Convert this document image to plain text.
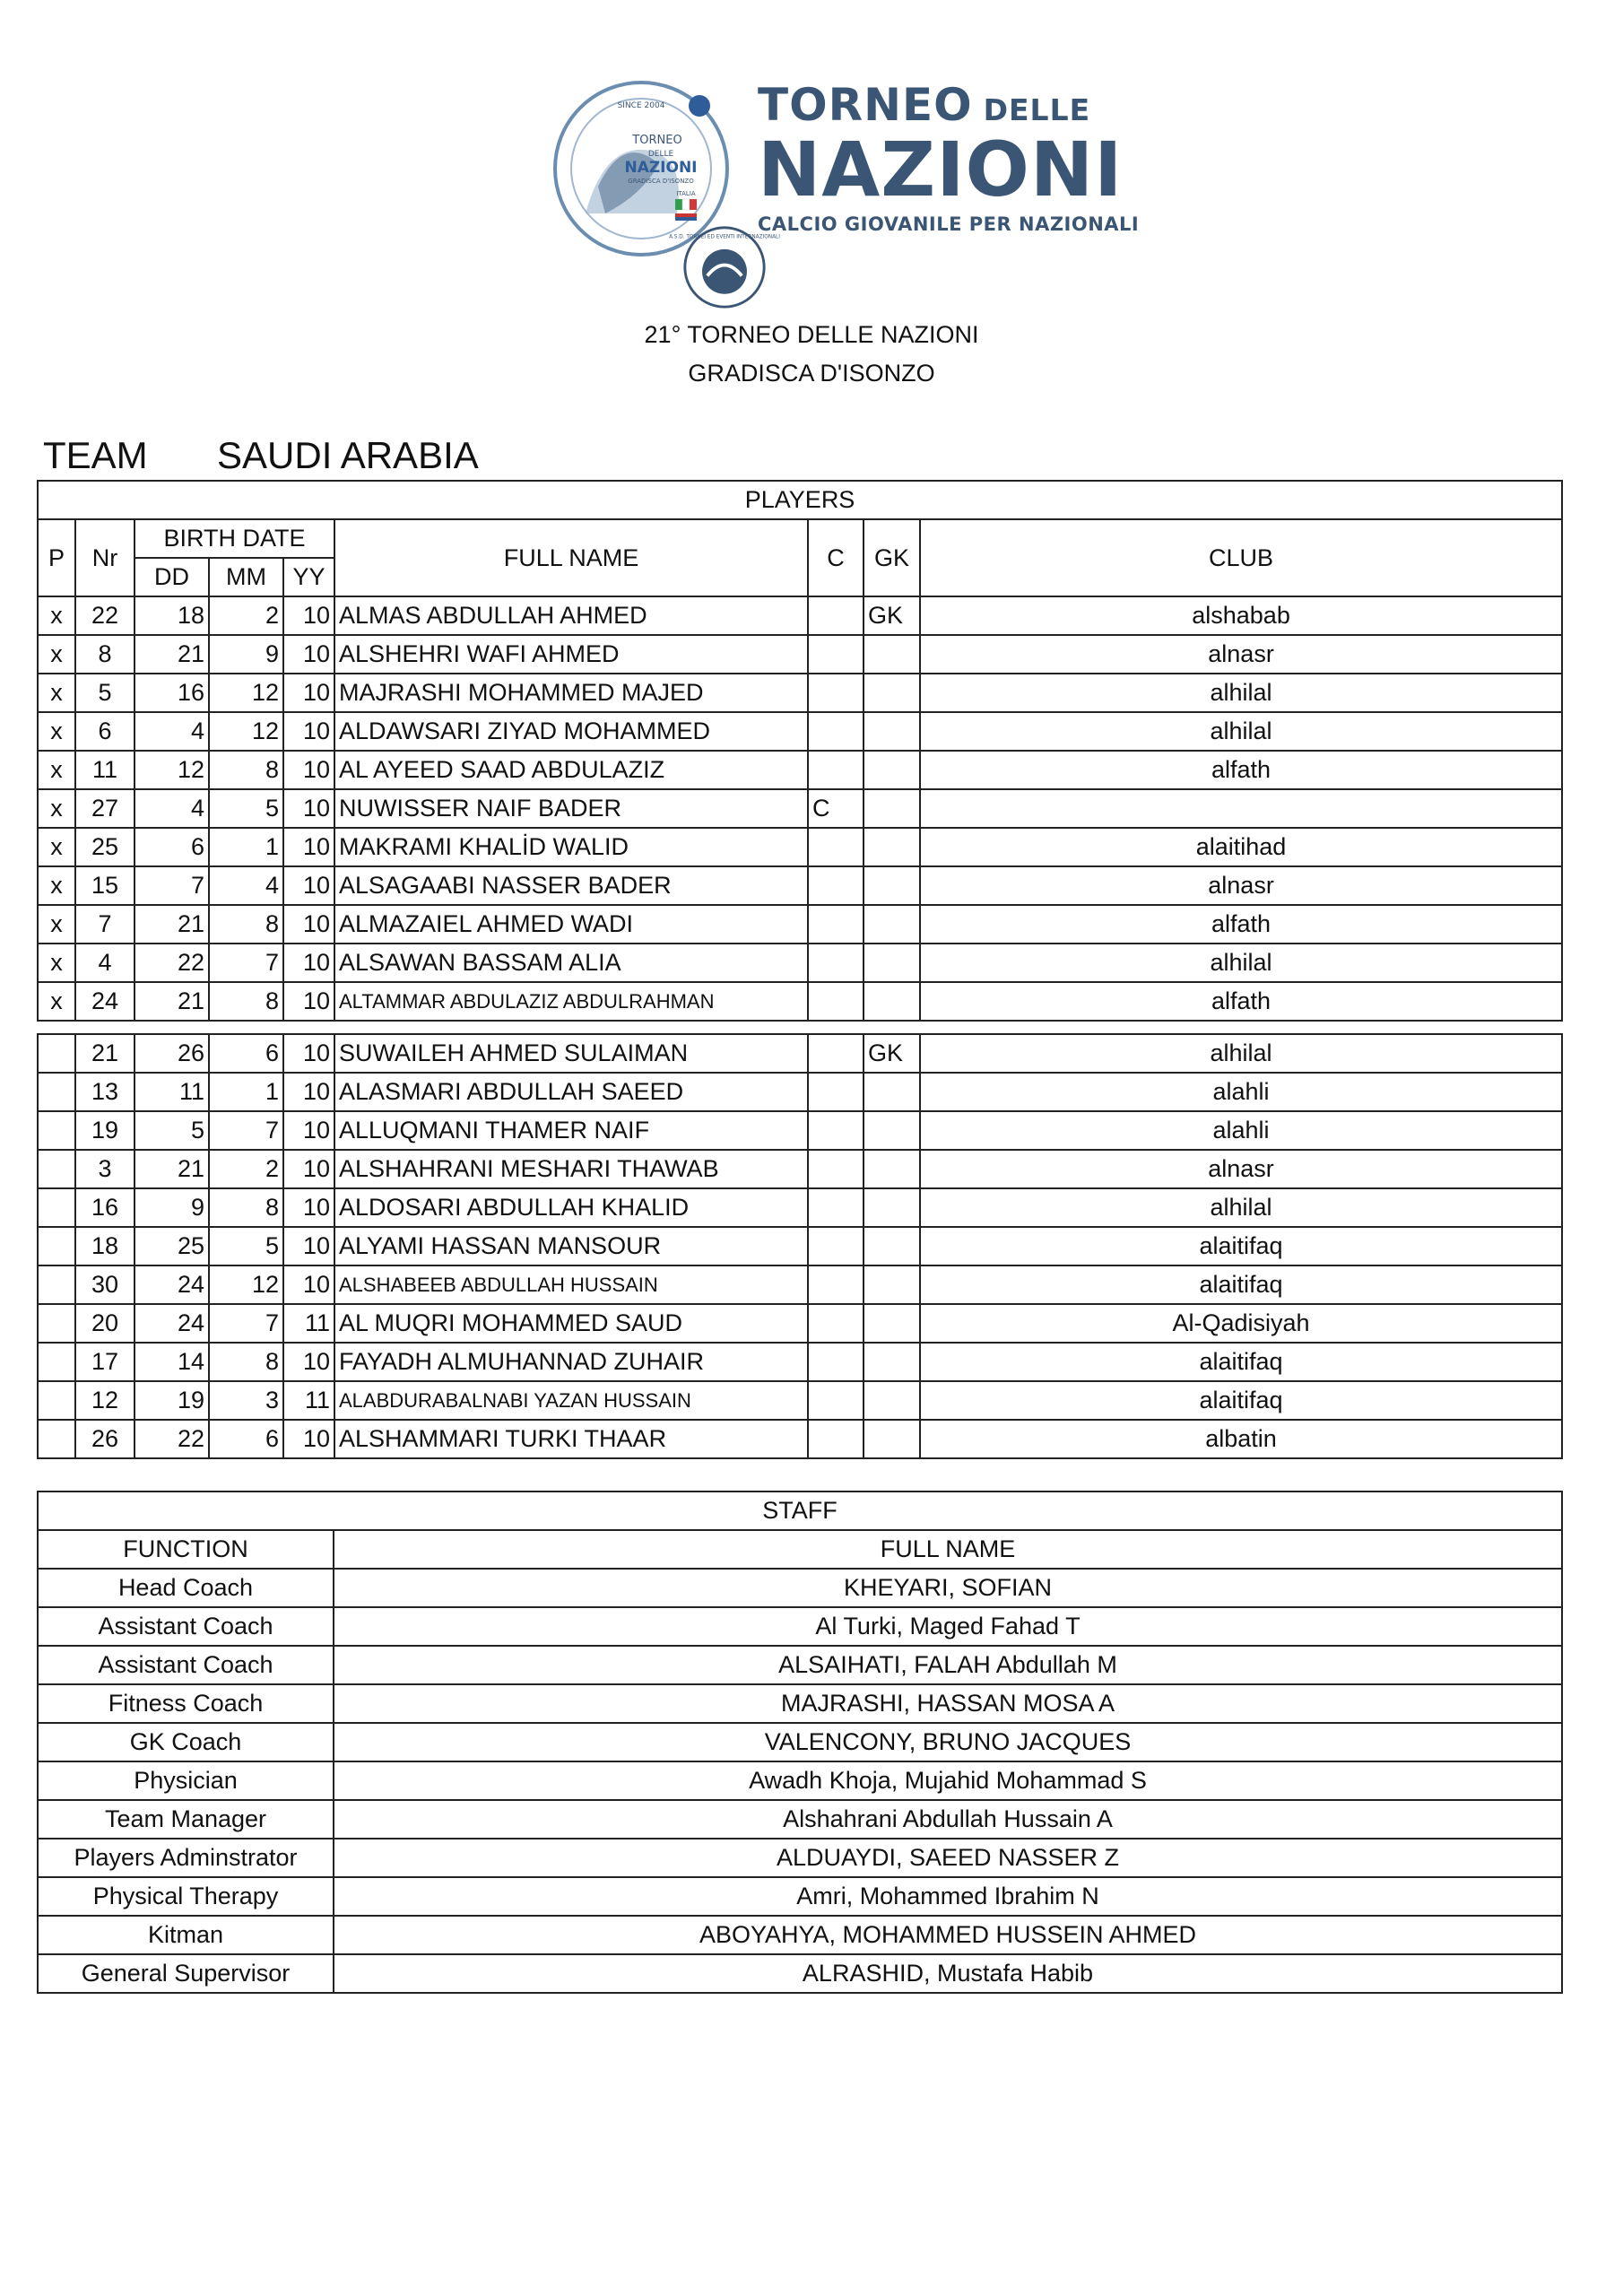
SINCE 2004
TORNEO
DELLE
NAZIONI
GRADISCA D'ISONZO
ITALIA
A.S.D. TORNEI ED EVENTI INTERNAZIONALI
TORNEO DELLE
NAZIONI
CALCIO GIOVANILE PER NAZIONALI
21° TORNEO DELLE NAZIONI
GRADISCA D'ISONZO
TEAM SAUDI ARABIA
PLAYERS								
P	Nr	BIRTH DATE			FULL NAME	C	GK	CLUB
		DD	MM	YY				
x	22	18	2	10	ALMAS ABDULLAH AHMED		GK	alshabab
x	8	21	9	10	ALSHEHRI WAFI AHMED			alnasr
x	5	16	12	10	MAJRASHI MOHAMMED MAJED			alhilal
x	6	4	12	10	ALDAWSARI ZIYAD MOHAMMED			alhilal
x	11	12	8	10	AL AYEED SAAD ABDULAZIZ			alfath
x	27	4	5	10	NUWISSER NAIF BADER	C		
x	25	6	1	10	MAKRAMI KHALİD WALID			alaitihad
x	15	7	4	10	ALSAGAABI NASSER BADER			alnasr
x	7	21	8	10	ALMAZAIEL AHMED WADI			alfath
x	4	22	7	10	ALSAWAN BASSAM ALIA			alhilal
x	24	21	8	10	ALTAMMAR ABDULAZIZ ABDULRAHMAN			alfath
	21	26	6	10	SUWAILEH AHMED SULAIMAN		GK	alhilal
	13	11	1	10	ALASMARI ABDULLAH SAEED			alahli
	19	5	7	10	ALLUQMANI THAMER NAIF			alahli
	3	21	2	10	ALSHAHRANI MESHARI THAWAB			alnasr
	16	9	8	10	ALDOSARI ABDULLAH KHALID			alhilal
	18	25	5	10	ALYAMI HASSAN MANSOUR			alaitifaq
	30	24	12	10	ALSHABEEB ABDULLAH HUSSAIN			alaitifaq
	20	24	7	11	AL MUQRI MOHAMMED SAUD			Al-Qadisiyah
	17	14	8	10	FAYADH ALMUHANNAD ZUHAIR			alaitifaq
	12	19	3	11	ALABDURABALNABI YAZAN HUSSAIN			alaitifaq
	26	22	6	10	ALSHAMMARI TURKI THAAR			albatin
STAFF	
FUNCTION	FULL NAME
Head Coach	KHEYARI, SOFIAN
Assistant Coach	Al Turki, Maged Fahad T
Assistant Coach	ALSAIHATI, FALAH Abdullah M
Fitness Coach	MAJRASHI, HASSAN MOSA A
GK Coach	VALENCONY, BRUNO JACQUES
Physician	Awadh Khoja, Mujahid Mohammad S
Team Manager	Alshahrani Abdullah Hussain A
Players Adminstrator	ALDUAYDI, SAEED NASSER Z
Physical Therapy	Amri, Mohammed Ibrahim N
Kitman	ABOYAHYA, MOHAMMED HUSSEIN AHMED
General Supervisor	ALRASHID, Mustafa Habib
